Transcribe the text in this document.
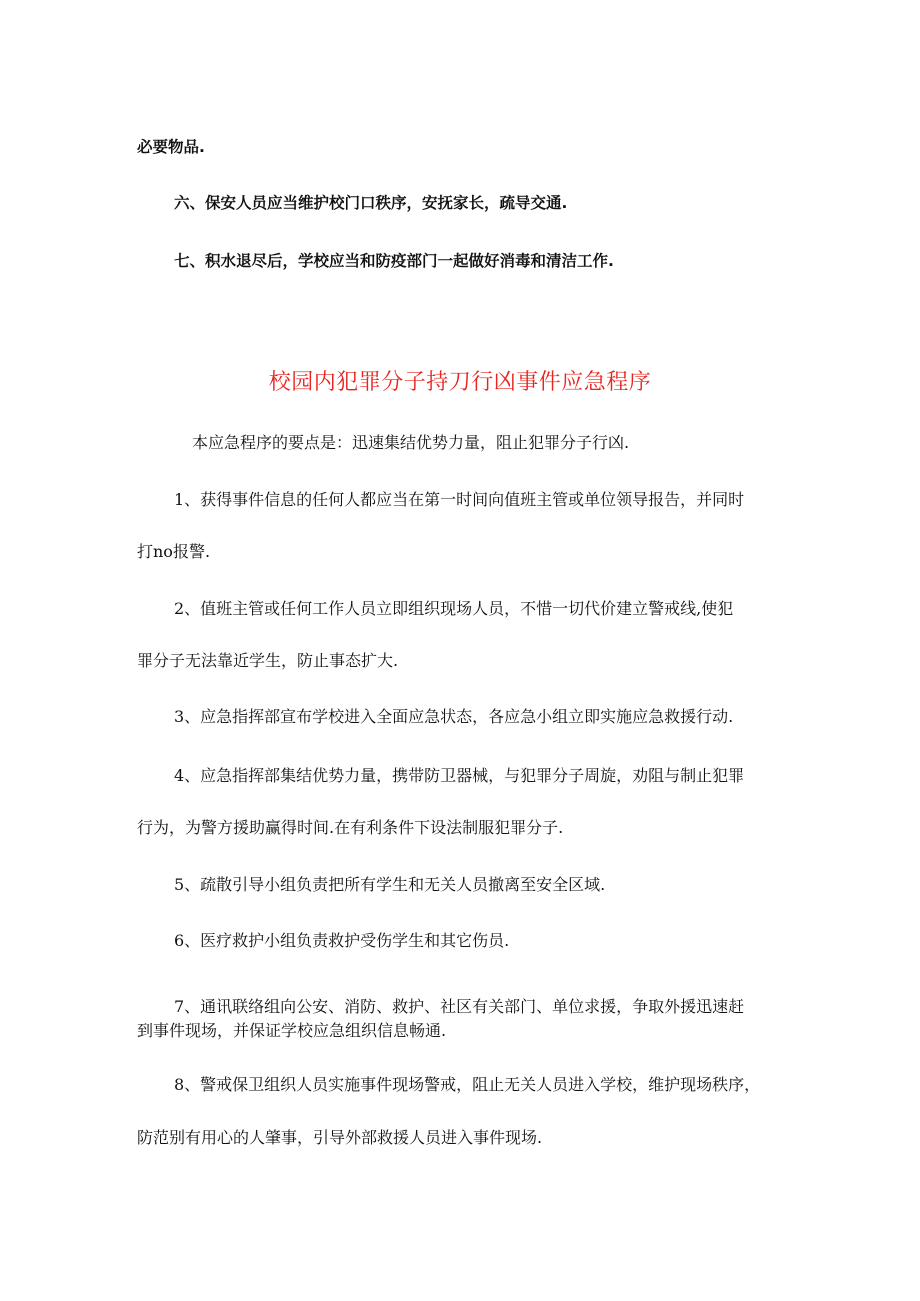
必要物品.
六、保安人员应当维护校门口秩序，安抚家长，疏导交通.
七、积水退尽后，学校应当和防疫部门一起做好消毒和清洁工作.
校园内犯罪分子持刀行凶事件应急程序
本应急程序的要点是：迅速集结优势力量，阻止犯罪分子行凶.
1、获得事件信息的任何人都应当在第一时间向值班主管或单位领导报告，并同时
打no报警.
2、值班主管或任何工作人员立即组织现场人员，不惜一切代价建立警戒线,使犯
罪分子无法靠近学生，防止事态扩大.
3、应急指挥部宣布学校进入全面应急状态，各应急小组立即实施应急救援行动.
4、应急指挥部集结优势力量，携带防卫器械，与犯罪分子周旋，劝阻与制止犯罪
行为，为警方援助赢得时间.在有利条件下设法制服犯罪分子.
5、疏散引导小组负责把所有学生和无关人员撤离至安全区域.
6、医疗救护小组负责救护受伤学生和其它伤员.
7、通讯联络组向公安、消防、救护、社区有关部门、单位求援，争取外援迅速赶
到事件现场，并保证学校应急组织信息畅通.
8、警戒保卫组织人员实施事件现场警戒，阻止无关人员进入学校，维护现场秩序，
防范别有用心的人肇事，引导外部救援人员进入事件现场.
